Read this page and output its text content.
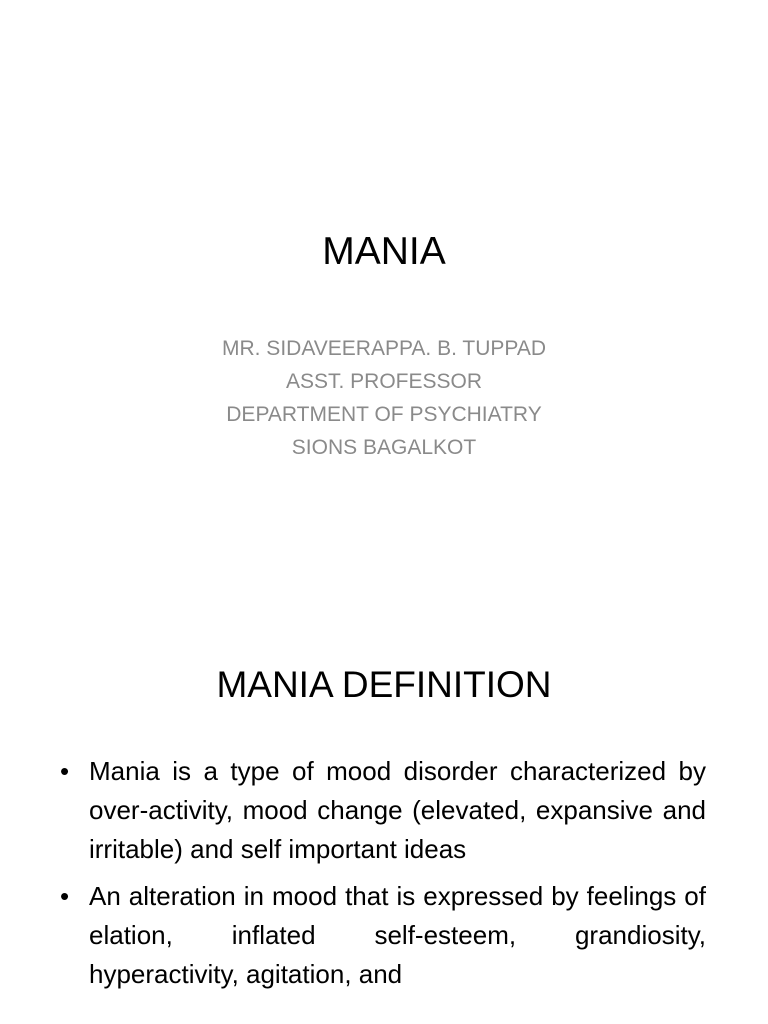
MANIA
MR. SIDAVEERAPPA. B. TUPPAD
ASST. PROFESSOR
DEPARTMENT OF PSYCHIATRY
SIONS BAGALKOT
MANIA DEFINITION
• Mania is a type of mood disorder characterized by over-activity, mood change (elevated, expansive and irritable) and self important ideas
• An alteration in mood that is expressed by feelings of elation, inflated self-esteem, grandiosity, hyperactivity, agitation, and
